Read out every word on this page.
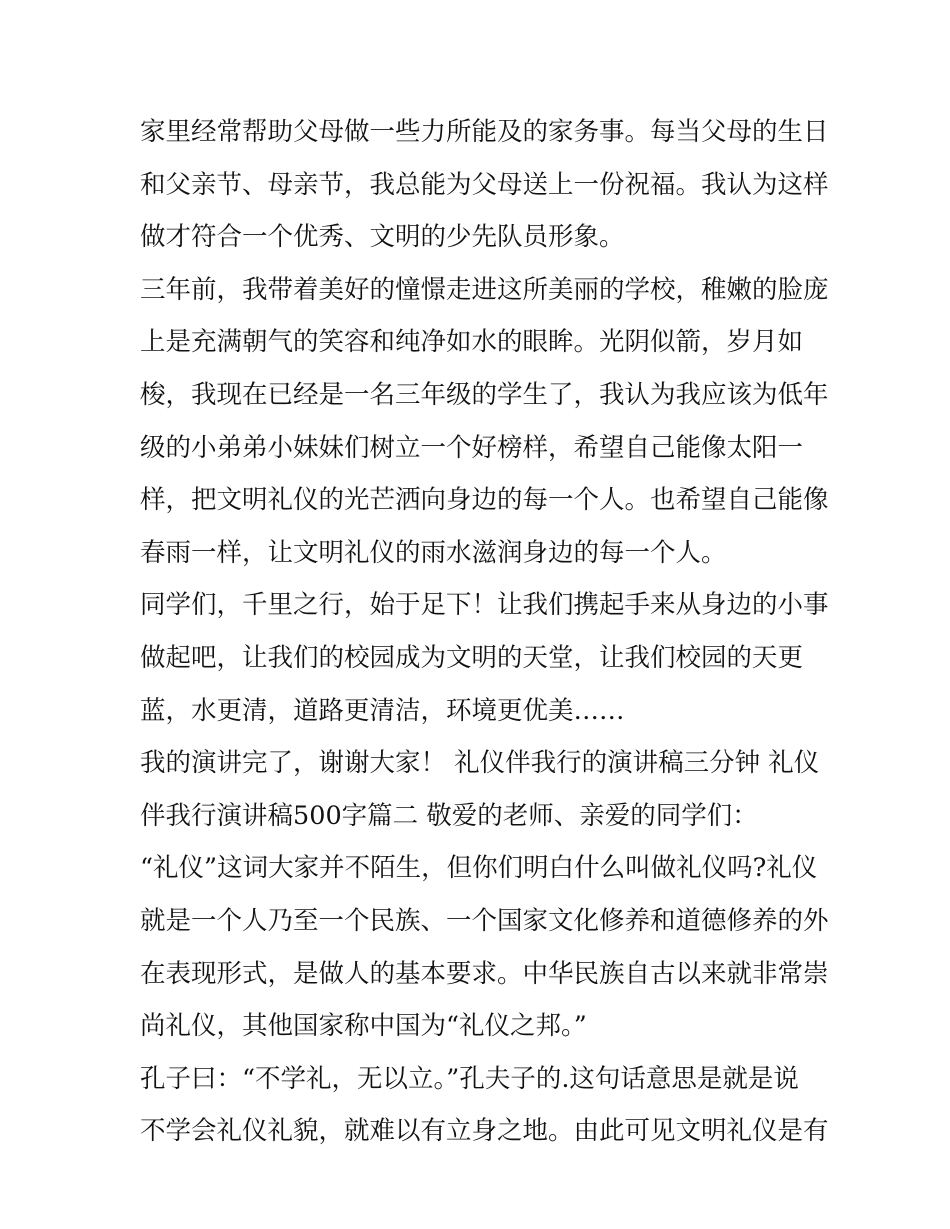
家里经常帮助父母做一些力所能及的家务事。每当父母的生日
和父亲节、母亲节，我总能为父母送上一份祝福。我认为这样
做才符合一个优秀、文明的少先队员形象。
三年前，我带着美好的憧憬走进这所美丽的学校，稚嫩的脸庞
上是充满朝气的笑容和纯净如水的眼眸。光阴似箭，岁月如
梭，我现在已经是一名三年级的学生了，我认为我应该为低年
级的小弟弟小妹妹们树立一个好榜样，希望自己能像太阳一
样，把文明礼仪的光芒洒向身边的每一个人。也希望自己能像
春雨一样，让文明礼仪的雨水滋润身边的每一个人。
同学们，千里之行，始于足下！让我们携起手来从身边的小事
做起吧，让我们的校园成为文明的天堂，让我们校园的天更
蓝，水更清，道路更清洁，环境更优美……
我的演讲完了，谢谢大家！ 礼仪伴我行的演讲稿三分钟 礼仪
伴我行演讲稿500字篇二 敬爱的老师、亲爱的同学们：
“礼仪”这词大家并不陌生，但你们明白什么叫做礼仪吗?礼仪
就是一个人乃至一个民族、一个国家文化修养和道德修养的外
在表现形式，是做人的基本要求。中华民族自古以来就非常崇
尚礼仪，其他国家称中国为“礼仪之邦。”
孔子曰：“不学礼，无以立。”孔夫子的.这句话意思是就是说
不学会礼仪礼貌，就难以有立身之地。由此可见文明礼仪是有
